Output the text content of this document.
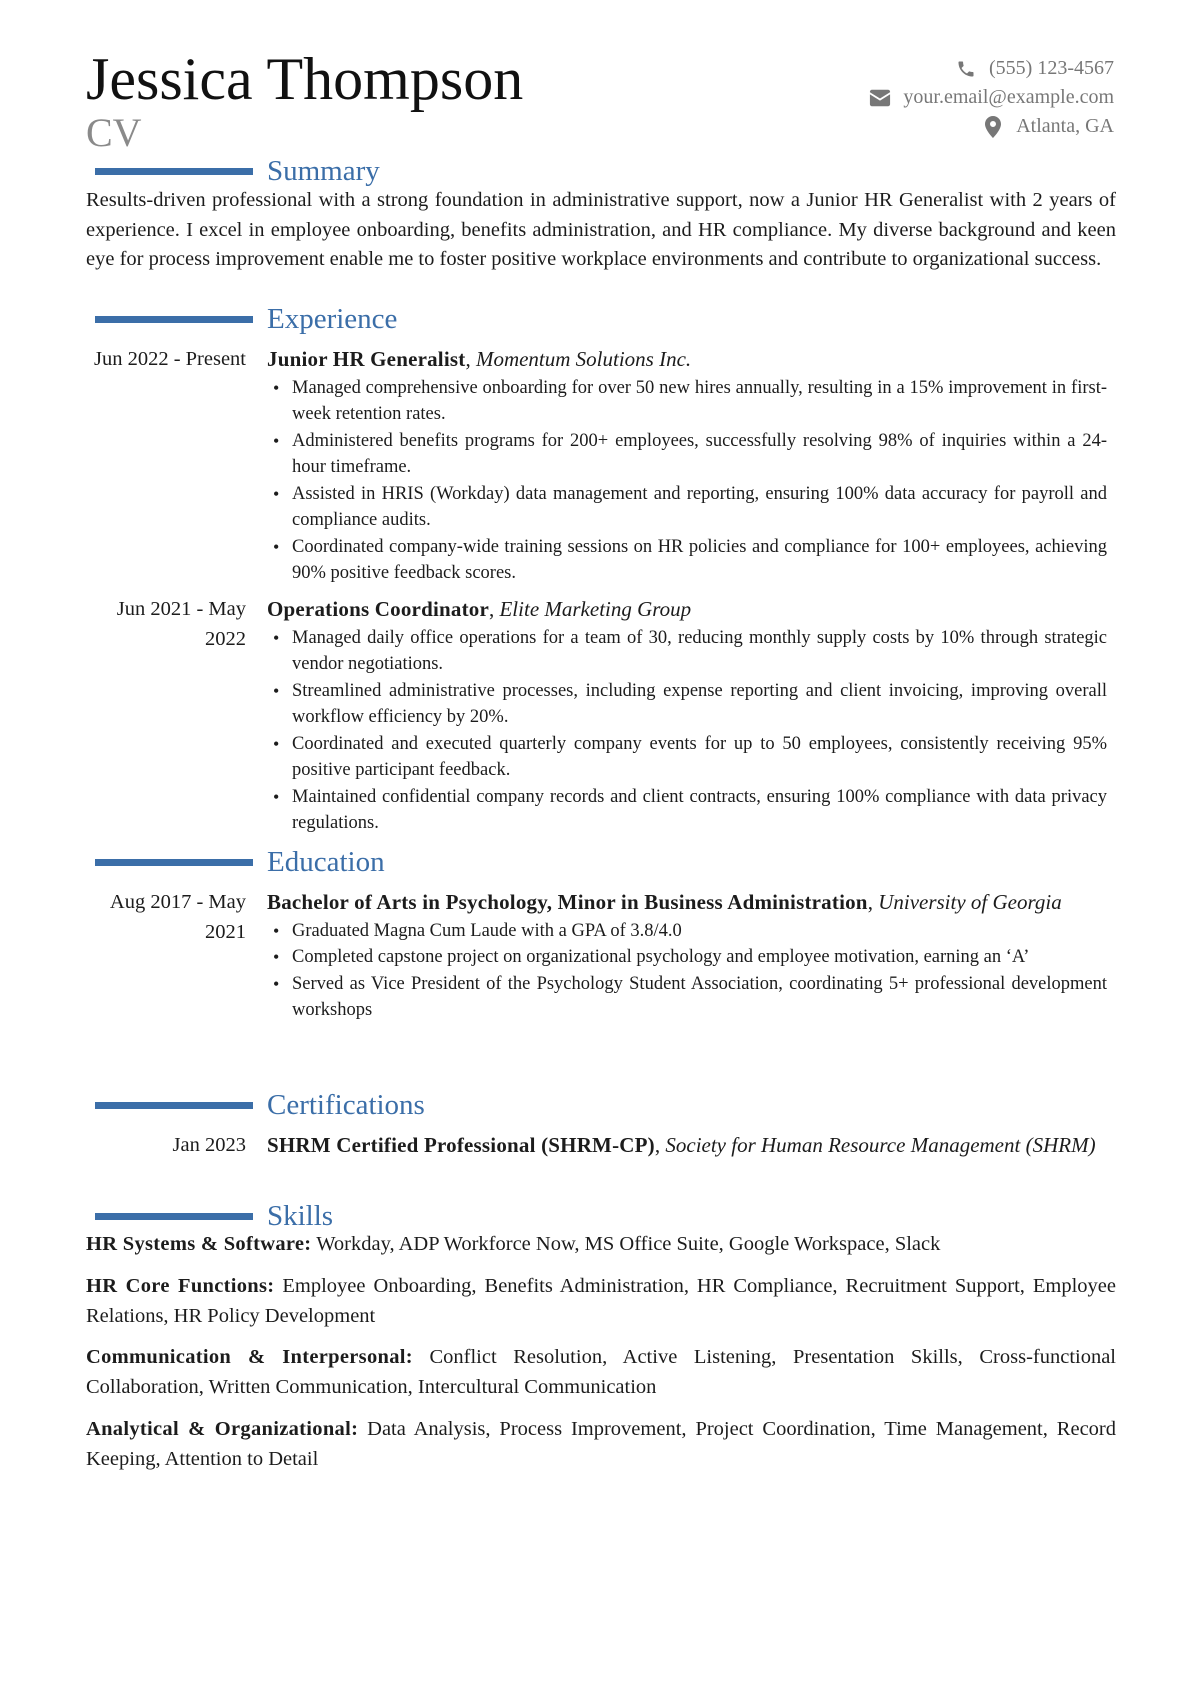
Jessica Thompson
CV
(555) 123-4567
your.email@example.com
Atlanta, GA
Summary

Results-driven professional with a strong foundation in administrative support, now a Junior HR Generalist with 2 years of experience. I excel in employee onboarding, benefits administration, and HR compliance. My diverse background and keen eye for process improvement enable me to foster positive workplace environments and contribute to organizational success.

Experience
Jun 2022 - Present Junior HR Generalist, Momentum Solutions Inc.

• Managed comprehensive onboarding for over 50 new hires annually, resulting in a 15% improvement in first-week retention rates.
• Administered benefits programs for 200+ employees, successfully resolving 98% of inquiries within a 24-hour timeframe.
• Assisted in HRIS (Workday) data management and reporting, ensuring 100% data accuracy for payroll and compliance audits.
• Coordinated company-wide training sessions on HR policies and compliance for 100+ employees, achieving 90% positive feedback scores.
Jun 2021 - May 2022

Operations Coordinator, Elite Marketing Group

• Managed daily office operations for a team of 30, reducing monthly supply costs by 10% through strategic vendor negotiations.
• Streamlined administrative processes, including expense reporting and client invoicing, improving overall workflow efficiency by 20%.
• Coordinated and executed quarterly company events for up to 50 employees, consistently receiving 95% positive participant feedback.
• Maintained confidential company records and client contracts, ensuring 100% compliance with data privacy regulations.
Education
Aug 2017 - May 2021

Bachelor of Arts in Psychology, Minor in Business Administration, University of Georgia

• Graduated Magna Cum Laude with a GPA of 3.8/4.0
• Completed capstone project on organizational psychology and employee motivation, earning an ‘A’
• Served as Vice President of the Psychology Student Association, coordinating 5+ professional development workshops
Certifications
Jan 2023 SHRM Certified Professional (SHRM-CP), Society for Human Resource Management (SHRM)

Skills

HR Systems & Software: Workday, ADP Workforce Now, MS Office Suite, Google Workspace, Slack

HR Core Functions: Employee Onboarding, Benefits Administration, HR Compliance, Recruitment Support, Employee Relations, HR Policy Development

Communication & Interpersonal: Conflict Resolution, Active Listening, Presentation Skills, Cross-functional Collaboration, Written Communication, Intercultural Communication

Analytical & Organizational: Data Analysis, Process Improvement, Project Coordination, Time Management, Record Keeping, Attention to Detail
